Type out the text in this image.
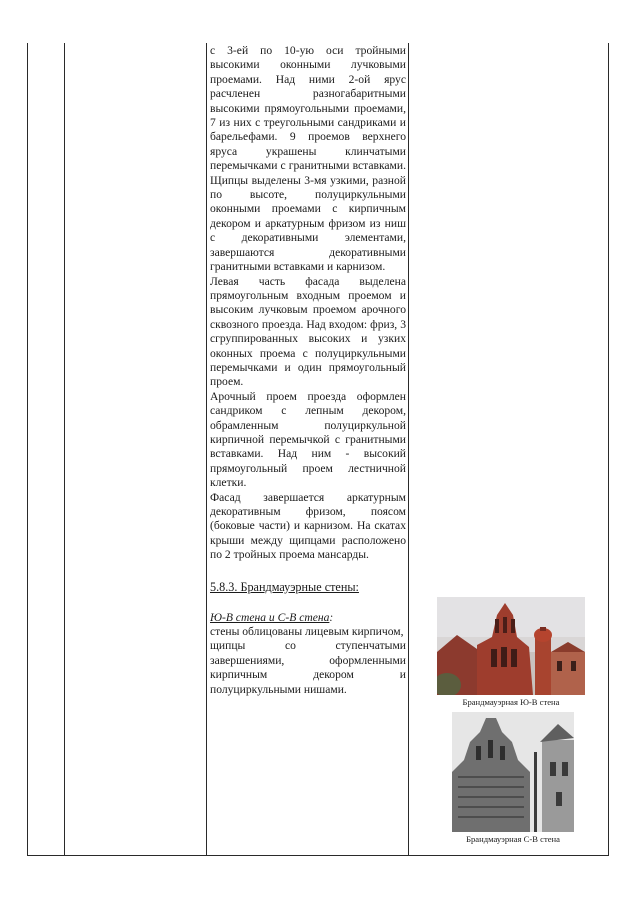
с 3-ей по 10-ую оси тройными высокими оконными лучковыми проемами. Над ними 2-ой ярус расчленен разногабаритными высокими прямоугольными проемами, 7 из них с треугольными сандриками и барельефами. 9 проемов верхнего яруса украшены клинчатыми перемычками с гранитными вставками. Щипцы выделены 3-мя узкими, разной по высоте, полуциркульными оконными проемами с кирпичным декором и аркатурным фризом из ниш с декоративными элементами, завершаются декоративными гранитными вставками и карнизом.

Левая часть фасада выделена прямоугольным входным проемом и высоким лучковым проемом арочного сквозного проезда. Над входом: фриз, 3 сгруппированных высоких и узких оконных проема с полуциркульными перемычками и один прямоугольный проем.

Арочный проем проезда оформлен сандриком с лепным декором, обрамленным полуциркульной кирпичной перемычкой с гранитными вставками. Над ним - высокий прямоугольный проем лестничной клетки.

Фасад завершается аркатурным декоративным фризом, поясом (боковые части) и карнизом. На скатах крыши между щипцами расположено по 2 тройных проема мансарды.

5.8.3. Брандмауэрные стены:
Ю-В стена и С-В стена:

стены облицованы лицевым кирпичом,

щипцы со ступенчатыми завершениями, оформленными кирпичным декором и полуциркульными нишами.

Брандмауэрная Ю-В стена
Брандмауэрная С-В стена
